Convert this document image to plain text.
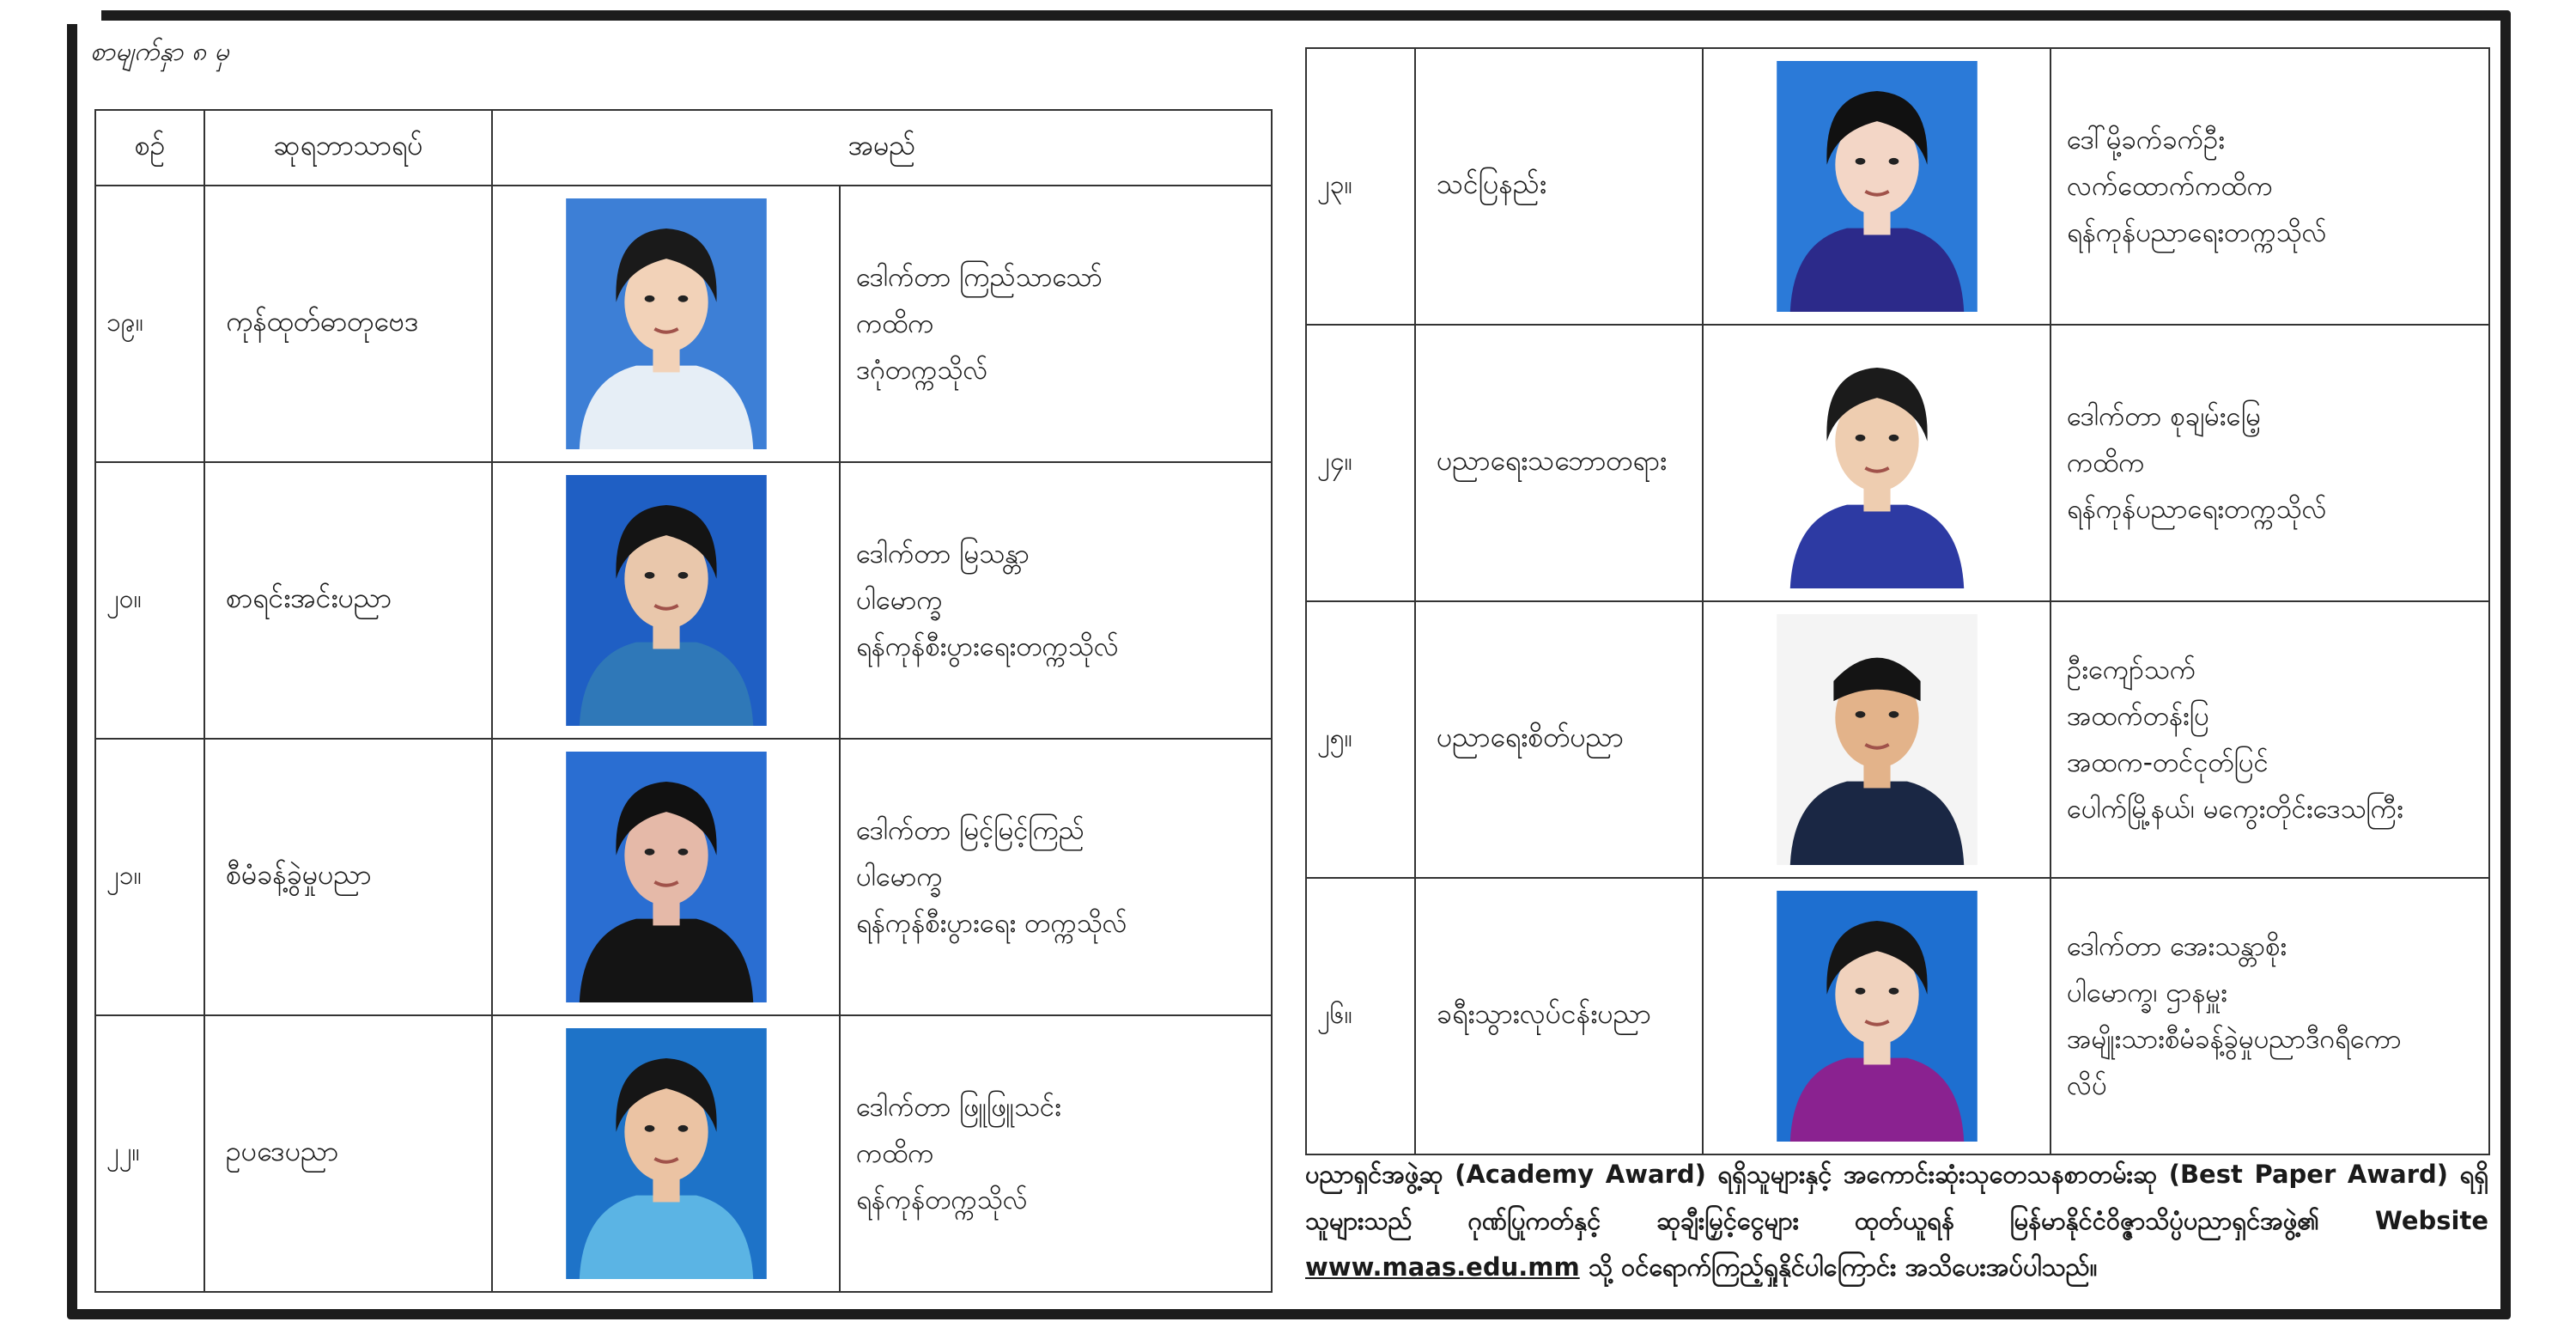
စာမျက်နှာ ၈ မှ
စဉ်	ဆုရဘာသာရပ်	အမည်	
၁၉။	ကုန်ထုတ်ဓာတုဗေဒ		ဒေါက်တာ ကြည်သာသော်
ကထိက
ဒဂုံတက္ကသိုလ်

၂၀။	စာရင်းအင်းပညာ		ဒေါက်တာ မြသန္တာ
ပါမောက္ခ
ရန်ကုန်စီးပွားရေးတက္ကသိုလ်

၂၁။	စီမံခန့်ခွဲမှုပညာ		ဒေါက်တာ မြင့်မြင့်ကြည်
ပါမောက္ခ
ရန်ကုန်စီးပွားရေး တက္ကသိုလ်

၂၂။	ဥပဒေပညာ		ဒေါက်တာ ဖြူဖြူသင်း
ကထိက
ရန်ကုန်တက္ကသိုလ်
၂၃။	သင်ပြနည်း		ဒေါ်မို့ခက်ခက်ဦး
လက်ထောက်ကထိက
ရန်ကုန်ပညာရေးတက္ကသိုလ်

၂၄။	ပညာရေးသဘောတရား		ဒေါက်တာ စုချမ်းမြေ့
ကထိက
ရန်ကုန်ပညာရေးတက္ကသိုလ်

၂၅။	ပညာရေးစိတ်ပညာ		ဦးကျော်သက်
အထက်တန်းပြ
အထက-တင်ငုတ်ပြင်
ပေါက်မြို့နယ်၊ မကွေးတိုင်းဒေသကြီး

၂၆။	ခရီးသွားလုပ်ငန်းပညာ		ဒေါက်တာ အေးသန္တာစိုး
ပါမောက္ခ၊ ဌာနမှူး
အမျိုးသားစီမံခန့်ခွဲမှုပညာဒီဂရီကော
လိပ်
ပညာရှင်အဖွဲ့ဆု (Academy Award) ရရှိသူများနှင့် အကောင်းဆုံးသုတေသနစာတမ်းဆု (Best Paper Award) ရရှိသူများသည် ဂုဏ်ပြုကတ်နှင့် ဆုချီးမြှင့်ငွေများ ထုတ်ယူရန် မြန်မာနိုင်ငံဝိဇ္ဇာသိပ္ပံပညာရှင်အဖွဲ့၏ Website www.maas.edu.mm သို့ ဝင်ရောက်ကြည့်ရှုနိုင်ပါကြောင်း အသိပေးအပ်ပါသည်။
